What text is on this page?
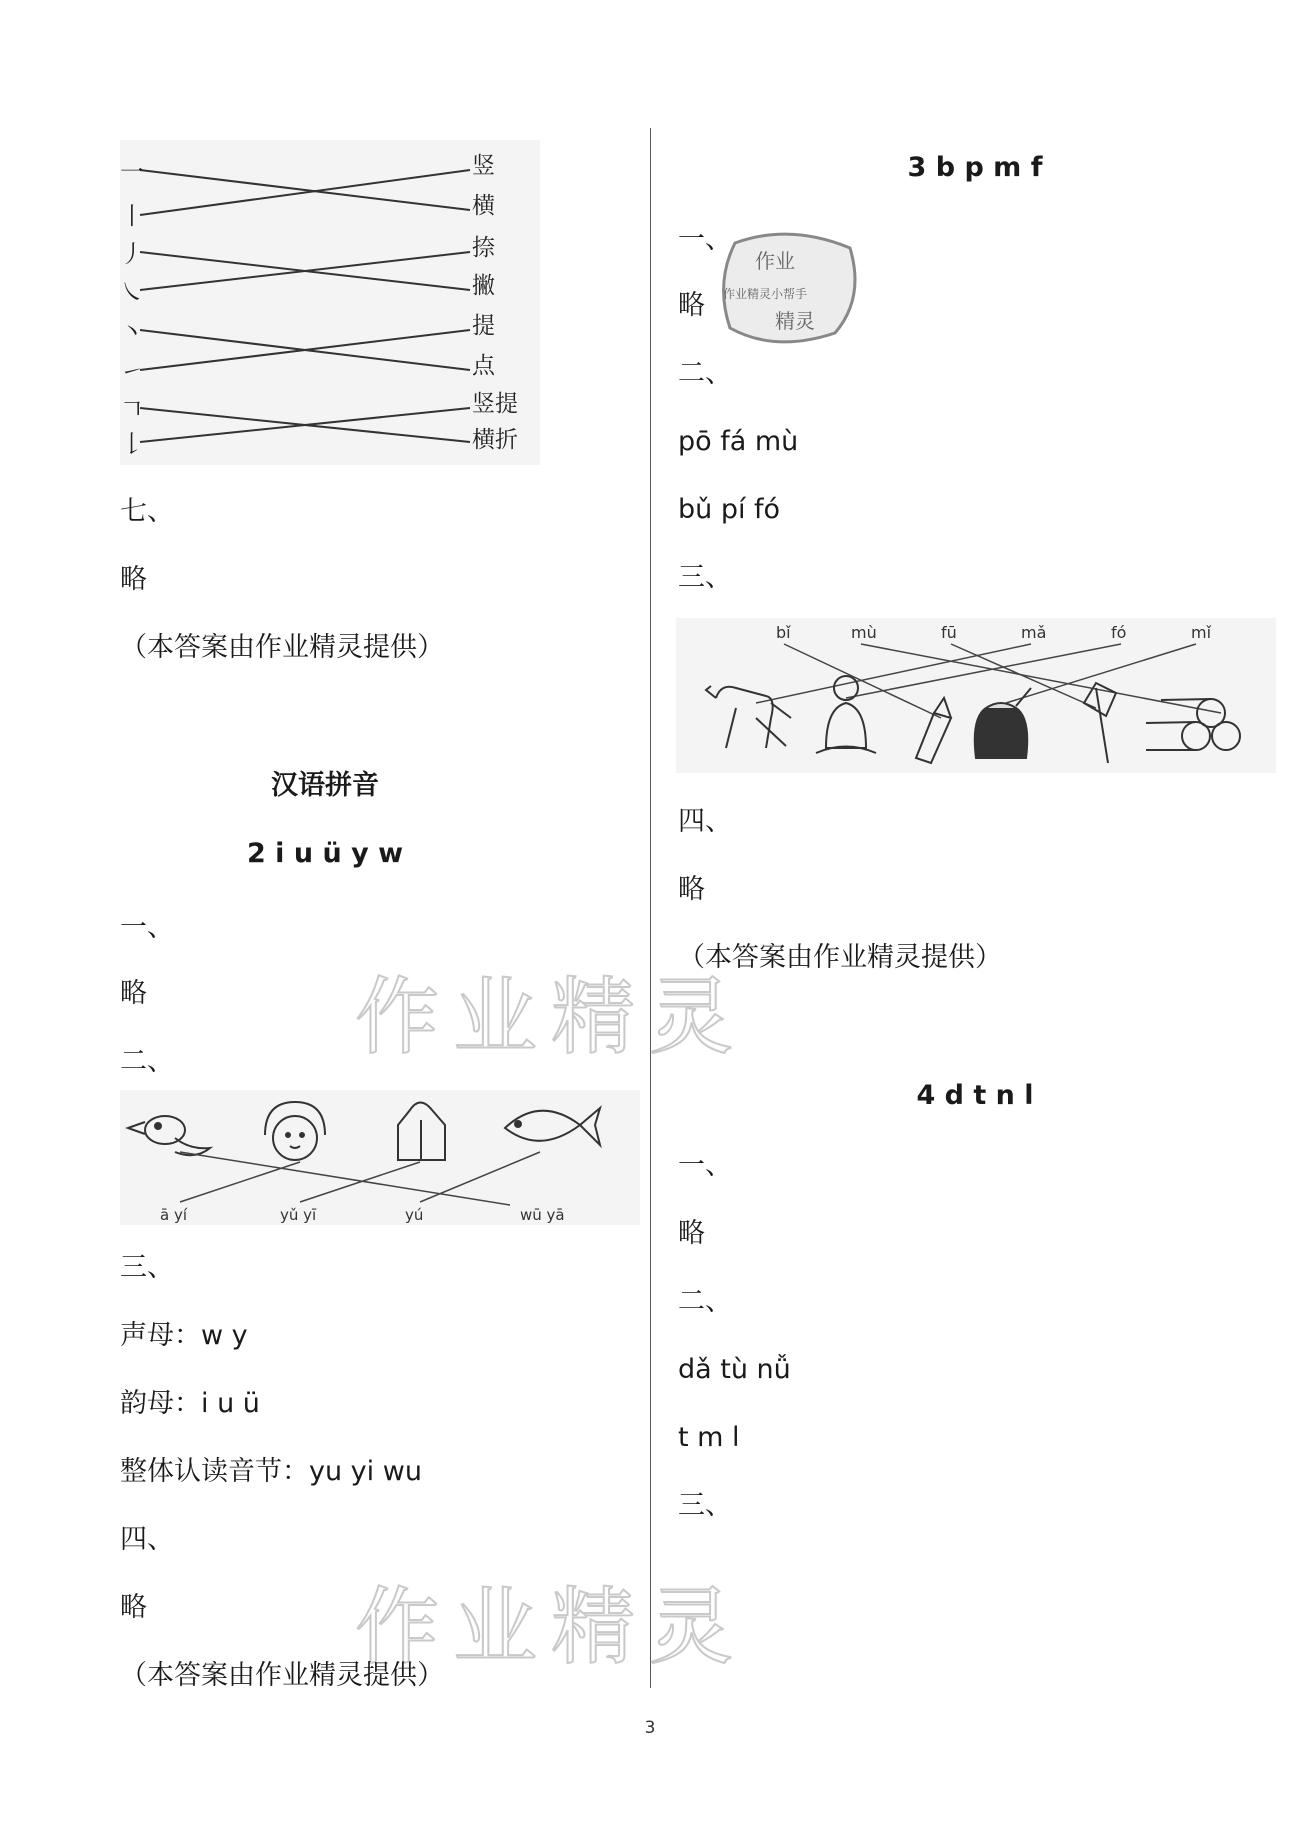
一
丨
丿
㇏
丶
㇀
𠃍
𠄌
竖
横
捺
撇
提
点
竖提
横折
七、
略
（本答案由作业精灵提供）
汉语拼音
2 i u ü y w
一、
略 作业精灵
二、
ā yí	yǔ yī	yú	wū yā
三、
声母：w y
韵母：i u ü
整体认读音节：yu yi wu
四、
作业精灵
略
（本答案由作业精灵提供）
3 b p m f
一、
作业
作业精灵小帮手
精灵
略
二、
pō fá mù
bǔ pí fó
三、
bǐ	mù	fū	mǎ	fó	mǐ
四、
略
（本答案由作业精灵提供）
4 d t n l
一、
略
二、
dǎ tù nǚ
t m l
三、
3
